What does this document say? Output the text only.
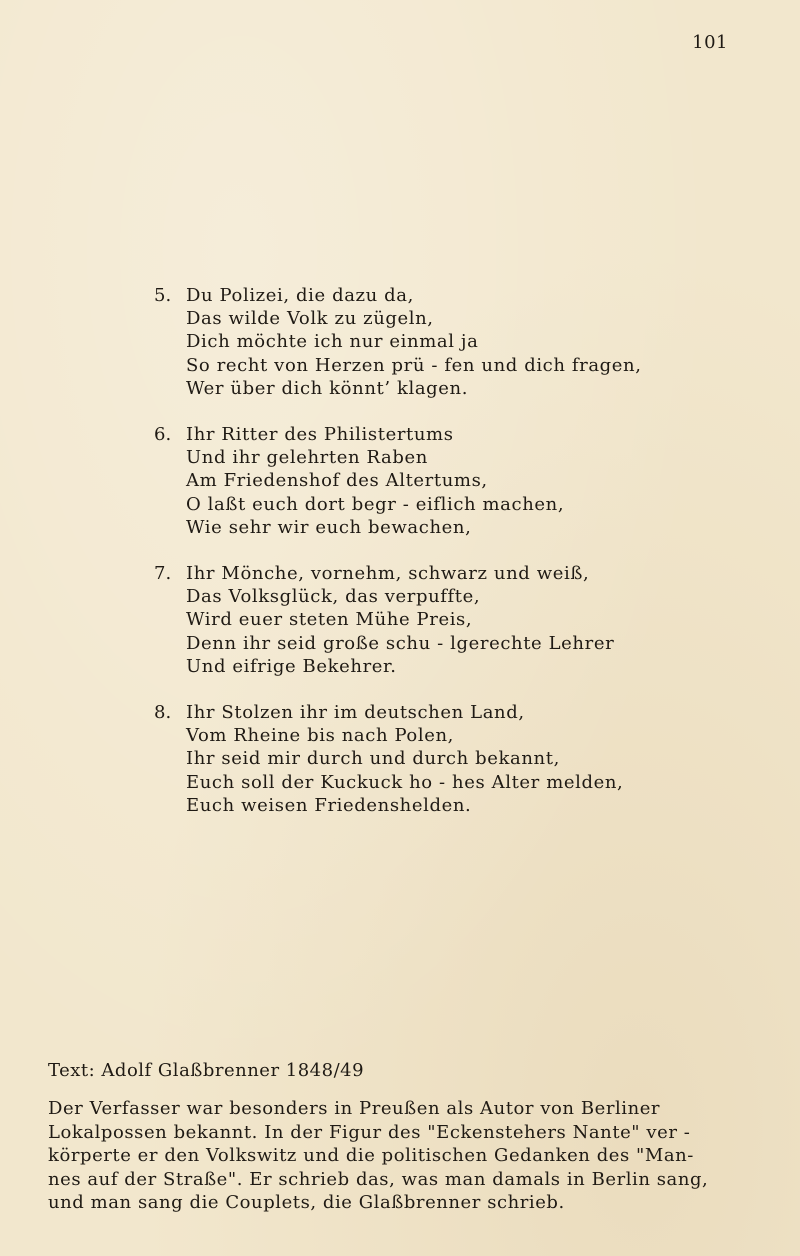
101
5. Du Polizei, die dazu da,
Das wilde Volk zu zügeln,
Dich möchte ich nur einmal ja
So recht von Herzen prü - fen und dich fragen,
Wer über dich könnt’ klagen.
6. Ihr Ritter des Philistertums
Und ihr gelehrten Raben
Am Friedenshof des Altertums,
O laßt euch dort begr - eiflich machen,
Wie sehr wir euch bewachen,
7. Ihr Mönche, vornehm, schwarz und weiß,
Das Volksglück, das verpuffte,
Wird euer steten Mühe Preis,
Denn ihr seid große schu - lgerechte Lehrer
Und eifrige Bekehrer.
8. Ihr Stolzen ihr im deutschen Land,
Vom Rheine bis nach Polen,
Ihr seid mir durch und durch bekannt,
Euch soll der Kuckuck ho - hes Alter melden,
Euch weisen Friedenshelden.
Text: Adolf Glaßbrenner 1848/49
Der Verfasser war besonders in Preußen als Autor von Berliner
Lokalpossen bekannt. In der Figur des "Eckenstehers Nante" ver -
körperte er den Volkswitz und die politischen Gedanken des "Man-
nes auf der Straße". Er schrieb das, was man damals in Berlin sang,
und man sang die Couplets, die Glaßbrenner schrieb.
